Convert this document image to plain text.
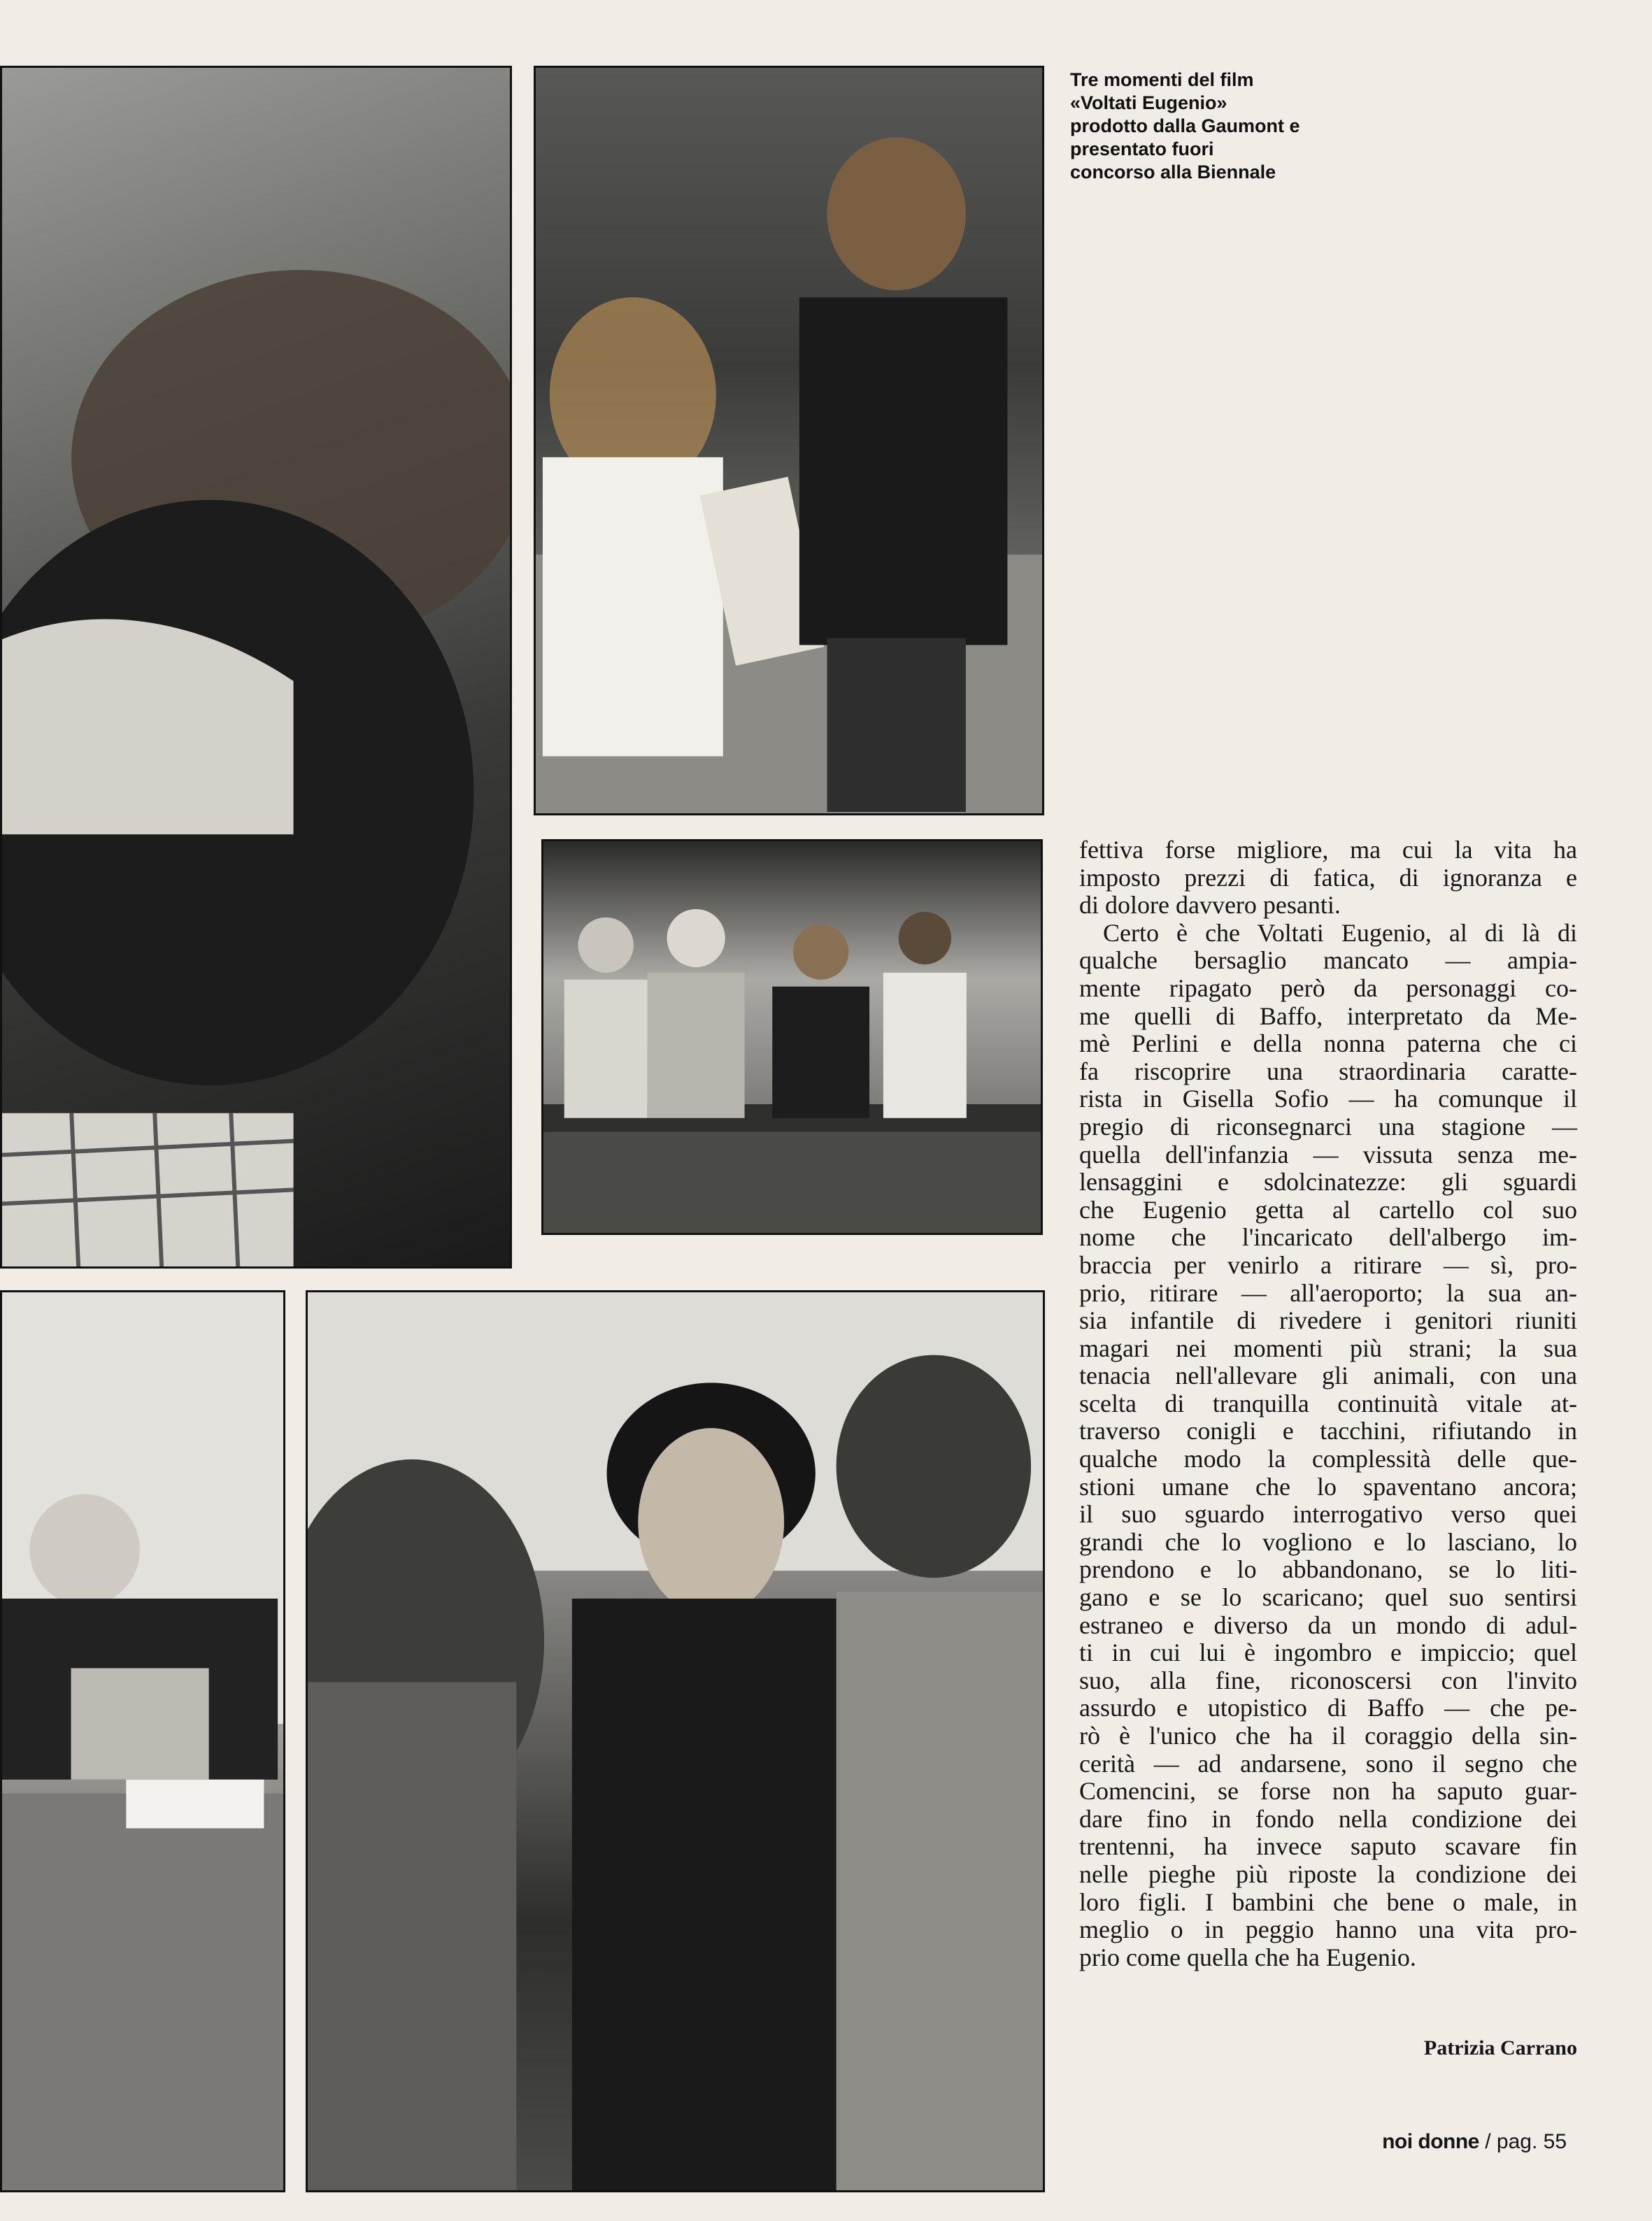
Tre momenti del film
«Voltati Eugenio»
prodotto dalla Gaumont e
presentato fuori
concorso alla Biennale
fettiva forse migliore, ma cui la vita ha
imposto prezzi di fatica, di ignoranza e
di dolore davvero pesanti.
Certo è che Voltati Eugenio, al di là di
qualche bersaglio mancato — ampia-
mente ripagato però da personaggi co-
me quelli di Baffo, interpretato da Me-
mè Perlini e della nonna paterna che ci
fa riscoprire una straordinaria caratte-
rista in Gisella Sofio — ha comunque il
pregio di riconsegnarci una stagione —
quella dell'infanzia — vissuta senza me-
lensaggini e sdolcinatezze: gli sguardi
che Eugenio getta al cartello col suo
nome che l'incaricato dell'albergo im-
braccia per venirlo a ritirare — sì, pro-
prio, ritirare — all'aeroporto; la sua an-
sia infantile di rivedere i genitori riuniti
magari nei momenti più strani; la sua
tenacia nell'allevare gli animali, con una
scelta di tranquilla continuità vitale at-
traverso conigli e tacchini, rifiutando in
qualche modo la complessità delle que-
stioni umane che lo spaventano ancora;
il suo sguardo interrogativo verso quei
grandi che lo vogliono e lo lasciano, lo
prendono e lo abbandonano, se lo liti-
gano e se lo scaricano; quel suo sentirsi
estraneo e diverso da un mondo di adul-
ti in cui lui è ingombro e impiccio; quel
suo, alla fine, riconoscersi con l'invito
assurdo e utopistico di Baffo — che pe-
rò è l'unico che ha il coraggio della sin-
cerità — ad andarsene, sono il segno che
Comencini, se forse non ha saputo guar-
dare fino in fondo nella condizione dei
trentenni, ha invece saputo scavare fin
nelle pieghe più riposte la condizione dei
loro figli. I bambini che bene o male, in
meglio o in peggio hanno una vita pro-
prio come quella che ha Eugenio.
Patrizia Carrano
noi donne / pag. 55
